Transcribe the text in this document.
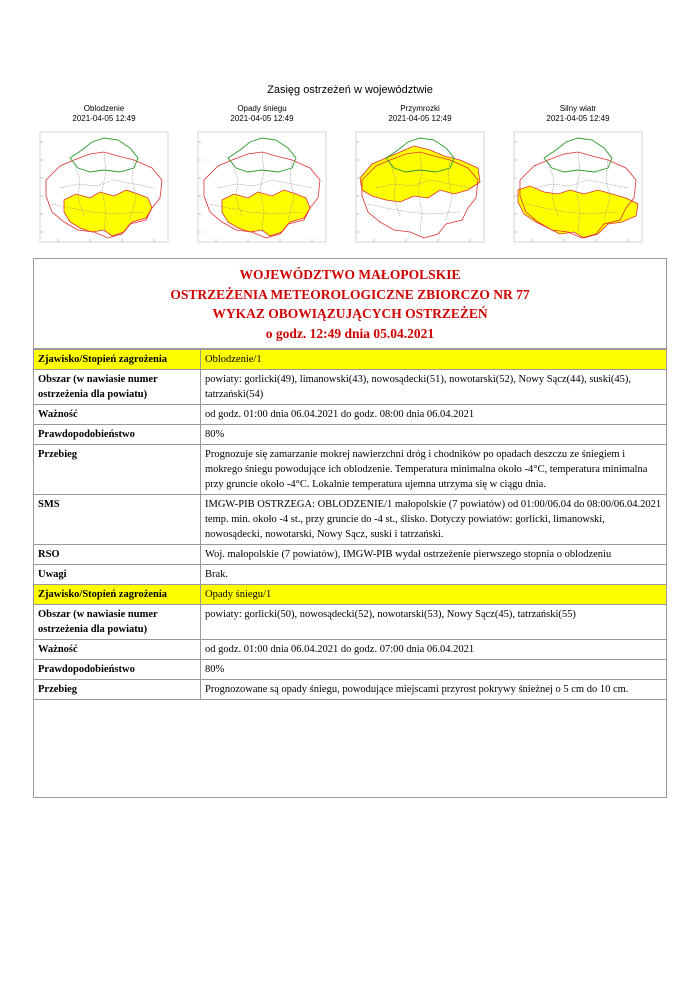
Zasięg ostrzeżeń w województwie
Oblodzenie
2021-04-05 12:49
Opady śniegu
2021-04-05 12:49
Przymrozki
2021-04-05 12:49
Silny wiatr
2021-04-05 12:49
WOJEWÓDZTWO MAŁOPOLSKIE
OSTRZEŻENIA METEOROLOGICZNE ZBIORCZO NR 77
WYKAZ OBOWIĄZUJĄCYCH OSTRZEŻEŃ
o godz. 12:49 dnia 05.04.2021
Zjawisko/Stopień zagrożenia	Oblodzenie/1
Obszar (w nawiasie numer ostrzeżenia dla powiatu)	powiaty: gorlicki(49), limanowski(43), nowosądecki(51), nowotarski(52), Nowy Sącz(44), suski(45), tatrzański(54)
Ważność	od godz. 01:00 dnia 06.04.2021 do godz. 08:00 dnia 06.04.2021
Prawdopodobieństwo	80%
Przebieg	Prognozuje się zamarzanie mokrej nawierzchni dróg i chodników po opadach deszczu ze śniegiem i mokrego śniegu powodujące ich oblodzenie. Temperatura minimalna około -4°C, temperatura minimalna przy gruncie około -4°C. Lokalnie temperatura ujemna utrzyma się w ciągu dnia.
SMS	IMGW-PIB OSTRZEGA: OBLODZENIE/1 małopolskie (7 powiatów) od 01:00/06.04 do 08:00/06.04.2021 temp. min. około -4 st., przy gruncie do -4 st., ślisko. Dotyczy powiatów: gorlicki, limanowski, nowosądecki, nowotarski, Nowy Sącz, suski i tatrzański.
RSO	Woj. małopolskie (7 powiatów), IMGW-PIB wydał ostrzeżenie pierwszego stopnia o oblodzeniu
Uwagi	Brak.
Zjawisko/Stopień zagrożenia	Opady śniegu/1
Obszar (w nawiasie numer ostrzeżenia dla powiatu)	powiaty: gorlicki(50), nowosądecki(52), nowotarski(53), Nowy Sącz(45), tatrzański(55)
Ważność	od godz. 01:00 dnia 06.04.2021 do godz. 07:00 dnia 06.04.2021
Prawdopodobieństwo	80%
Przebieg	Prognozowane są opady śniegu, powodujące miejscami przyrost pokrywy śnieżnej o 5 cm do 10 cm.
